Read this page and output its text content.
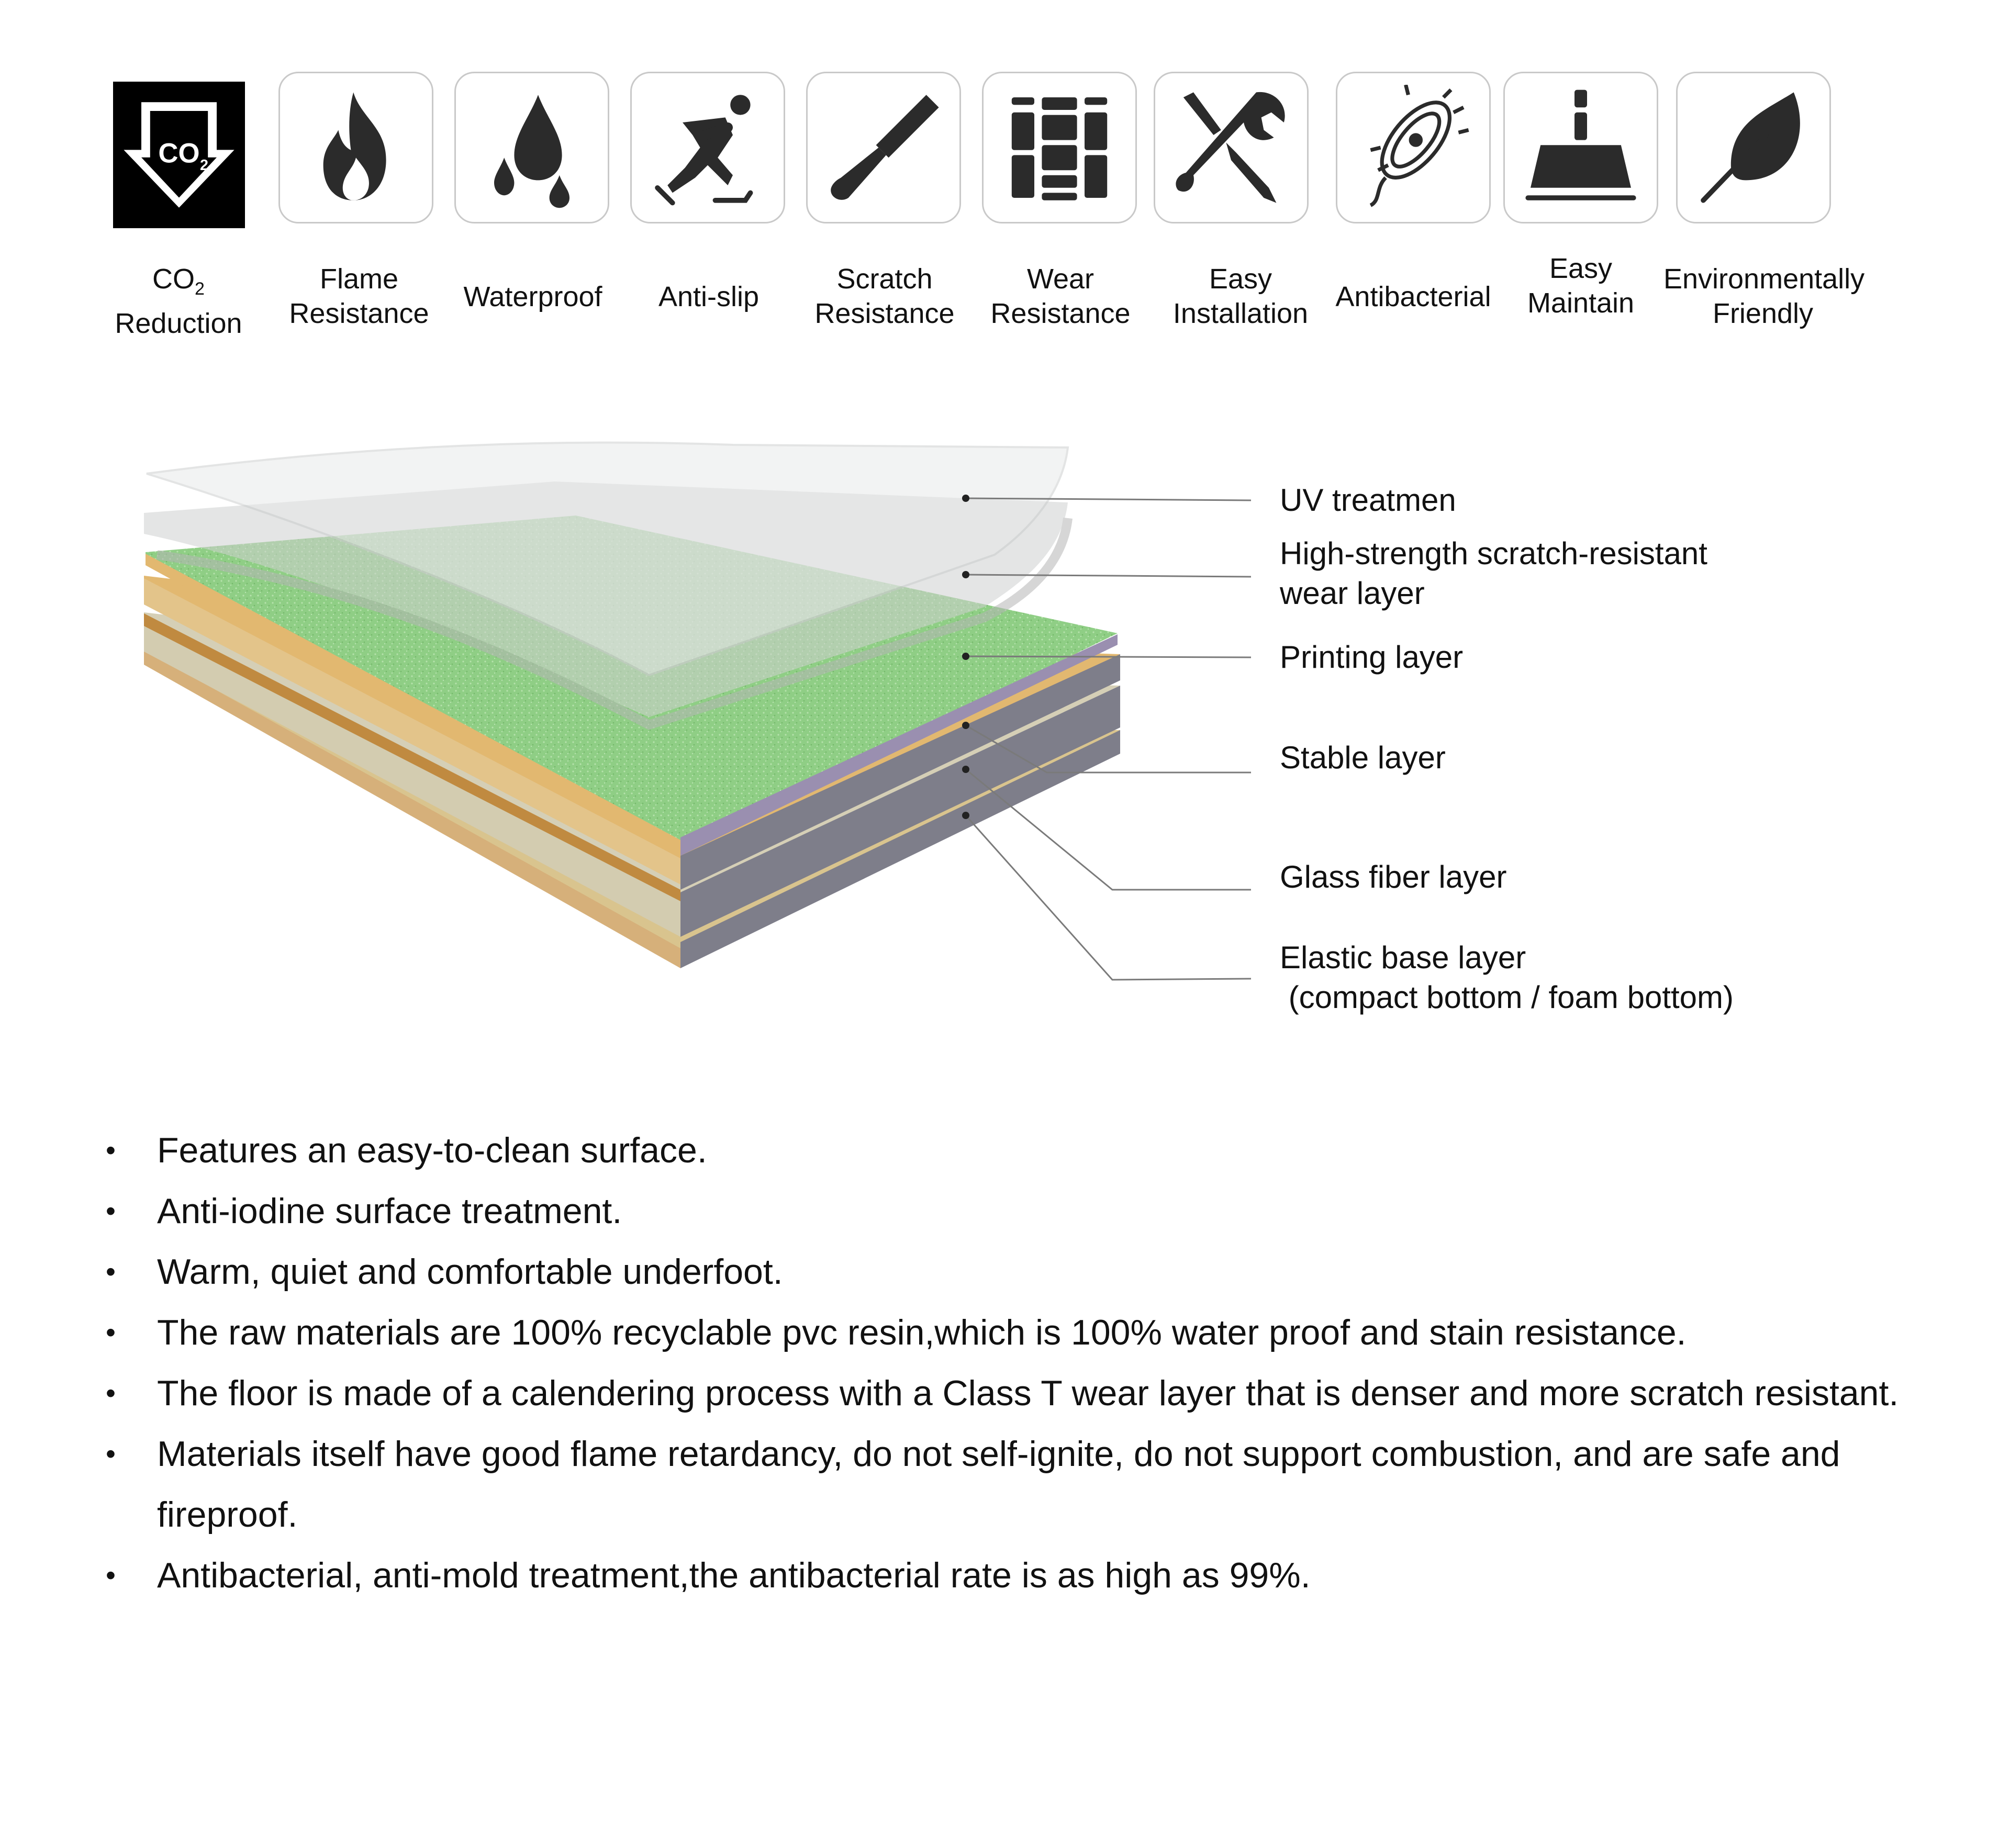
CO 2
$CO_2$
Reduction
Flame
Resistance
Waterproof	Anti-slip
Scratch
Resistance
Wear
Resistance
Easy
Installation
Antibacterial
Easy
Maintain
Environmentally
Friendly
UV treatmen
High-strength scratch-resistant
wear layer
Printing layer
Stable layer
Glass fiber layer
Elastic base layer
(compact bottom / foam bottom)
• Features an easy-to-clean surface.
• Anti-iodine surface treatment.
• Warm, quiet and comfortable underfoot.
• The raw materials are 100% recyclable pvc resin,which is 100% water proof and stain resistance.
• The floor is made of a calendering process with a Class T wear layer that is denser and more scratch resistant.
• Materials itself have good flame retardancy, do not self-ignite, do not support combustion, and are safe and fireproof.
• Antibacterial, anti-mold treatment,the antibacterial rate is as high as 99%.
